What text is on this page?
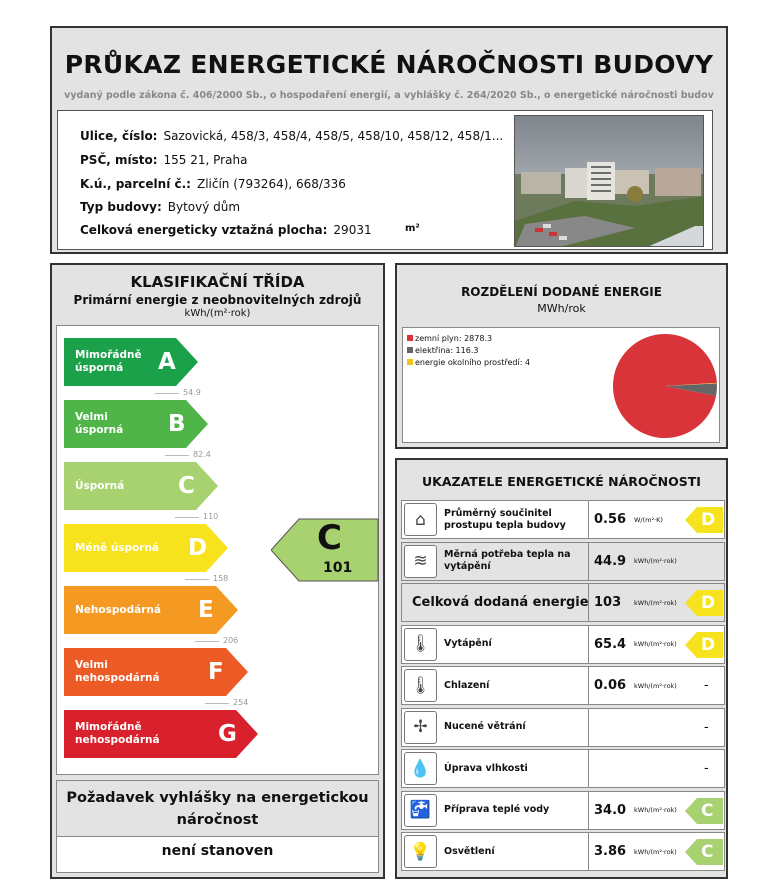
PRŮKAZ ENERGETICKÉ NÁROČNOSTI BUDOVY
vydaný podle zákona č. 406/2000 Sb., o hospodaření energií, a vyhlášky č. 264/2020 Sb., o energetické náročnosti budov
Ulice, číslo: Sazovická, 458/3, 458/4, 458/5, 458/10, 458/12, 458/1...
PSČ, místo: 155 21, Praha
K.ú., parcelní č.: Zličín (793264), 668/336
Typ budovy: Bytový dům
Celková energeticky vztažná plocha: 29031	m²
KLASIFIKAČNÍ TŘÍDA
Primární energie z neobnovitelných zdrojů
kWh/(m²·rok)
C
101
Mimořádně
úsporná	A
54.9
Velmi
úsporná B
82.4
Úsporná C
110
Méně úsporná D
158
Nehospodárná E
206
Velmi
nehospodárná F
254
Mimořádně
nehospodárná	G
Požadavek vyhlášky na energetickou náročnost
není stanoven
ROZDĚLENÍ DODANÉ ENERGIE
MWh/rok
zemní plyn: 2878.3
elektřina: 116.3
energie okolního prostředí: 4
UKAZATELE ENERGETICKÉ NÁROČNOSTI
⌂	Průměrný součinitel prostupu tepla budovy	0.56 W/(m²·K) D
≋	Měrná potřeba tepla na vytápění	44.9 kWh/(m²·rok)
Celková dodaná energie 103 kWh/(m²·rok) D
🌡	Vytápění	65.4 kWh/(m²·rok) D
🌡	Chlazení	0.06 kWh/(m²·rok) -
✢	Nucené větrání	-
💧	Úprava vlhkosti	-
🚰	Příprava teplé vody	34.0 kWh/(m²·rok) C
💡	Osvětlení	3.86 kWh/(m²·rok) C
